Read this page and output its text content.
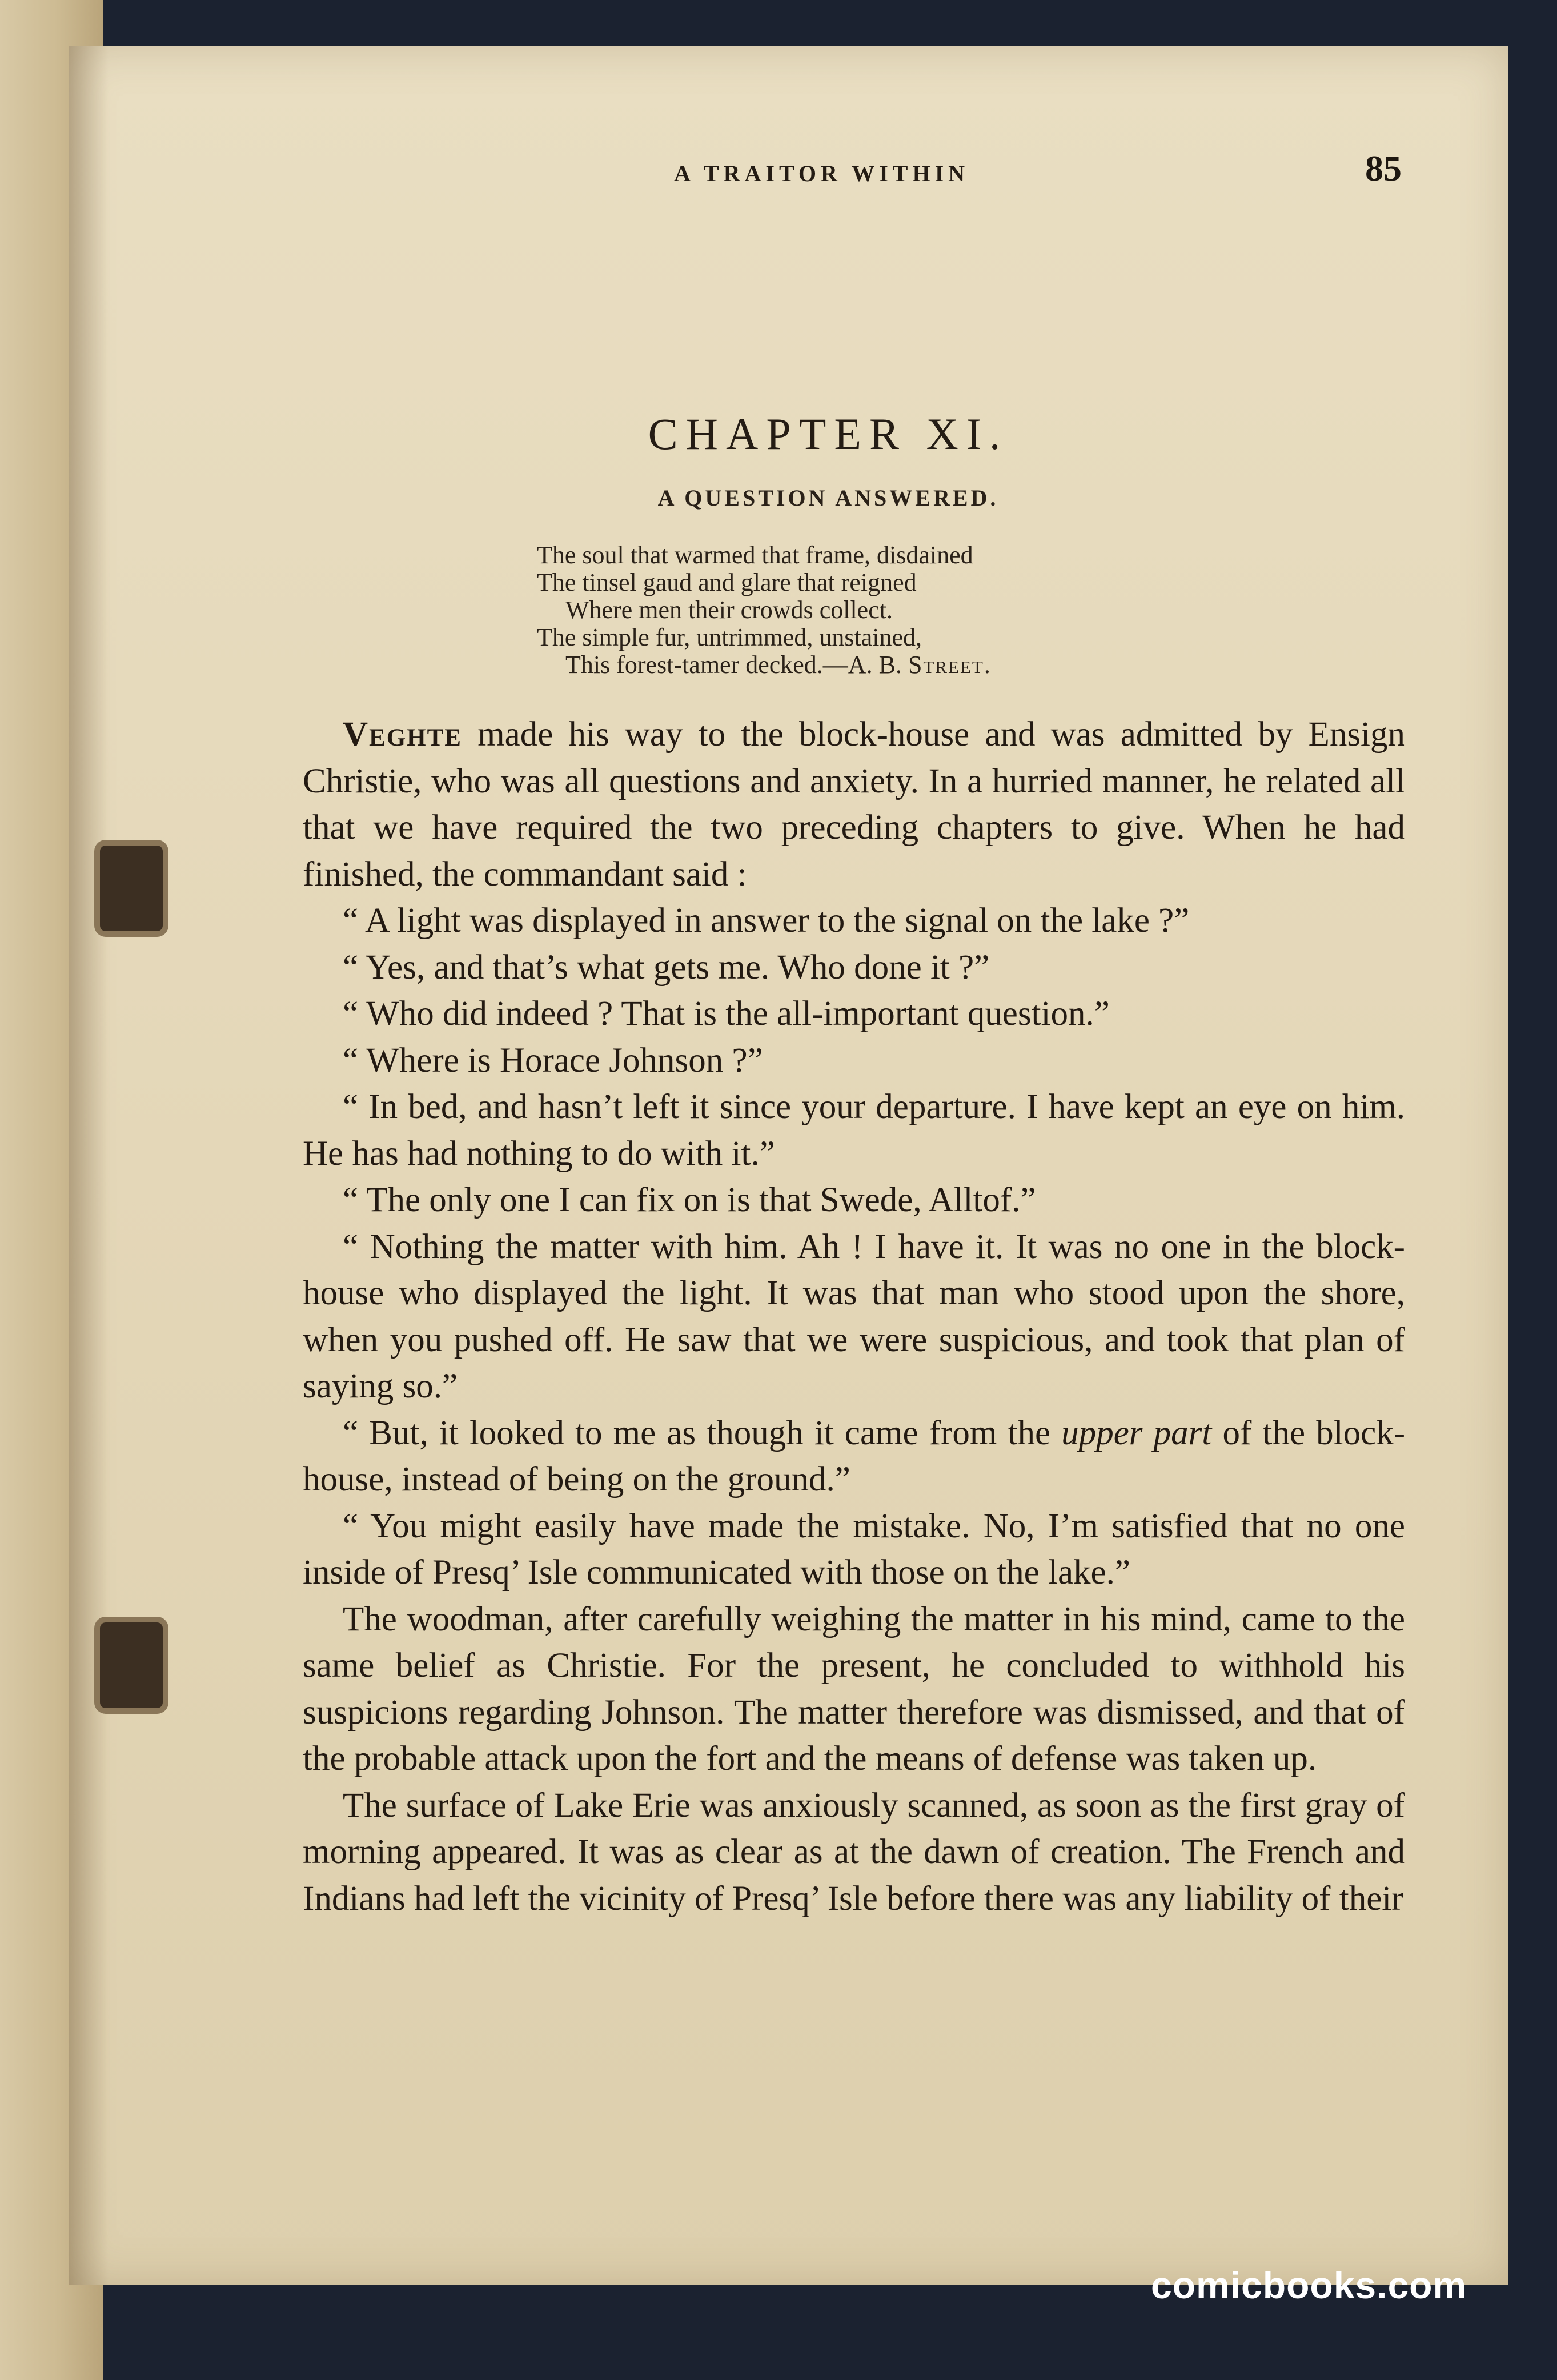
A TRAITOR WITHIN	85
CHAPTER XI.
A QUESTION ANSWERED.
The soul that warmed that frame, disdained
The tinsel gaud and glare that reigned
Where men their crowds collect.
The simple fur, untrimmed, unstained,
This forest-tamer decked.—A. B. Street.

Veghte made his way to the block-house and was admitted by Ensign Christie, who was all questions and anxiety. In a hurried manner, he related all that we have required the two preceding chapters to give. When he had finished, the commandant said :

“ A light was displayed in answer to the signal on the lake ?”

“ Yes, and that’s what gets me. Who done it ?”

“ Who did indeed ? That is the all-important question.”

“ Where is Horace Johnson ?”

“ In bed, and hasn’t left it since your departure. I have kept an eye on him. He has had nothing to do with it.”

“ The only one I can fix on is that Swede, Alltof.”

“ Nothing the matter with him. Ah ! I have it. It was no one in the block-house who displayed the light. It was that man who stood upon the shore, when you pushed off. He saw that we were suspicious, and took that plan of saying so.”

“ But, it looked to me as though it came from the upper part of the block-house, instead of being on the ground.”

“ You might easily have made the mistake. No, I’m satisfied that no one inside of Presq’ Isle communicated with those on the lake.”

The woodman, after carefully weighing the matter in his mind, came to the same belief as Christie. For the present, he concluded to withhold his suspicions regarding Johnson. The matter therefore was dismissed, and that of the probable attack upon the fort and the means of defense was taken up.

The surface of Lake Erie was anxiously scanned, as soon as the first gray of morning appeared. It was as clear as at the dawn of creation. The French and Indians had left the vicinity of Presq’ Isle before there was any liability of their

comicbooks.com
